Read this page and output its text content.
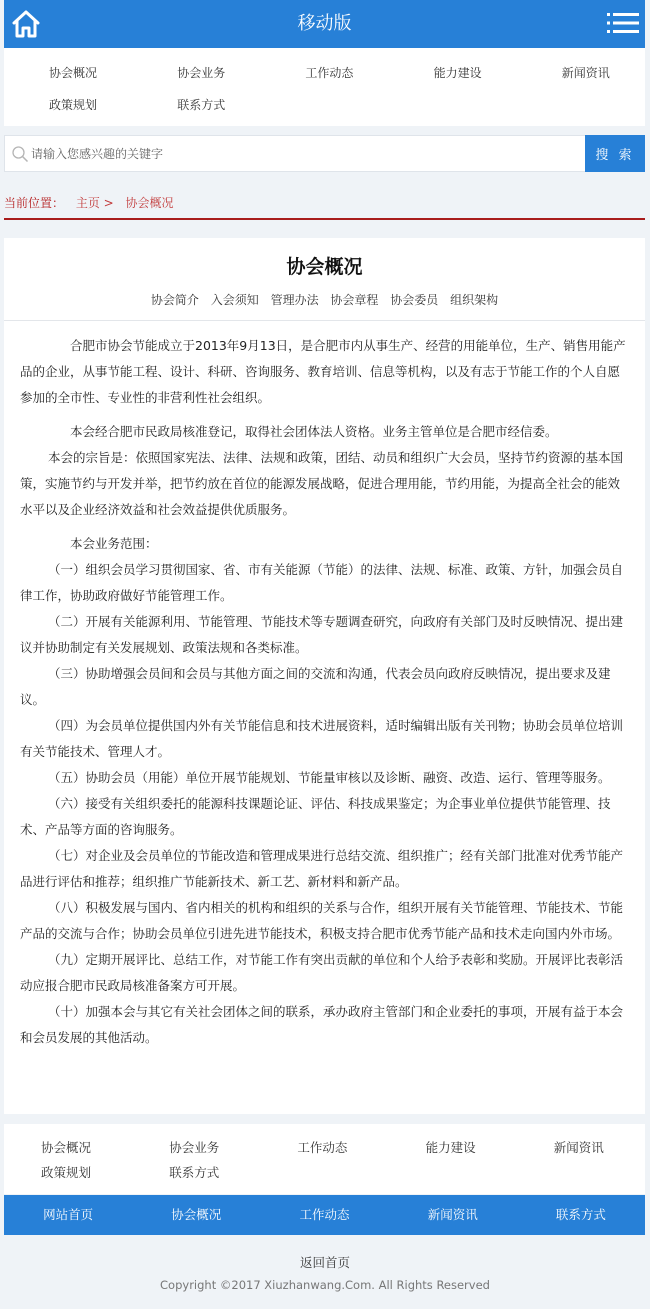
移动版
协会概况	协会业务	工作动态	能力建设	新闻资讯
政策规划	联系方式
请输入您感兴趣的关键字
搜 索
当前位置： 主页 > 协会概况
协会概况
协会简介 入会须知 管理办法 协会章程 协会委员 组织架构

合肥市协会节能成立于2013年9月13日，是合肥市内从事生产、经营的用能单位，生产、销售用能产品的企业，从事节能工程、设计、科研、咨询服务、教育培训、信息等机构，以及有志于节能工作的个人自愿参加的全市性、专业性的非营利性社会组织。

本会经合肥市民政局核准登记，取得社会团体法人资格。业务主管单位是合肥市经信委。

本会的宗旨是：依照国家宪法、法律、法规和政策，团结、动员和组织广大会员，坚持节约资源的基本国策，实施节约与开发并举，把节约放在首位的能源发展战略，促进合理用能，节约用能，为提高全社会的能效水平以及企业经济效益和社会效益提供优质服务。

本会业务范围：

（一）组织会员学习贯彻国家、省、市有关能源（节能）的法律、法规、标准、政策、方针，加强会员自律工作，协助政府做好节能管理工作。

（二）开展有关能源利用、节能管理、节能技术等专题调查研究，向政府有关部门及时反映情况、提出建议并协助制定有关发展规划、政策法规和各类标准。

（三）协助增强会员间和会员与其他方面之间的交流和沟通，代表会员向政府反映情况，提出要求及建议。

（四）为会员单位提供国内外有关节能信息和技术进展资料，适时编辑出版有关刊物；协助会员单位培训有关节能技术、管理人才。

（五）协助会员（用能）单位开展节能规划、节能量审核以及诊断、融资、改造、运行、管理等服务。

（六）接受有关组织委托的能源科技课题论证、评估、科技成果鉴定；为企事业单位提供节能管理、技术、产品等方面的咨询服务。

（七）对企业及会员单位的节能改造和管理成果进行总结交流、组织推广；经有关部门批准对优秀节能产品进行评估和推荐；组织推广节能新技术、新工艺、新材料和新产品。

（八）积极发展与国内、省内相关的机构和组织的关系与合作，组织开展有关节能管理、节能技术、节能产品的交流与合作；协助会员单位引进先进节能技术，积极支持合肥市优秀节能产品和技术走向国内外市场。

（九）定期开展评比、总结工作，对节能工作有突出贡献的单位和个人给予表彰和奖励。开展评比表彰活动应报合肥市民政局核准备案方可开展。

（十）加强本会与其它有关社会团体之间的联系，承办政府主管部门和企业委托的事项，开展有益于本会和会员发展的其他活动。

协会概况	协会业务	工作动态	能力建设	新闻资讯
政策规划	联系方式
网站首页	协会概况	工作动态	新闻资讯	联系方式
返回首页
Copyright ©2017 Xiuzhanwang.Com. All Rights Reserved
